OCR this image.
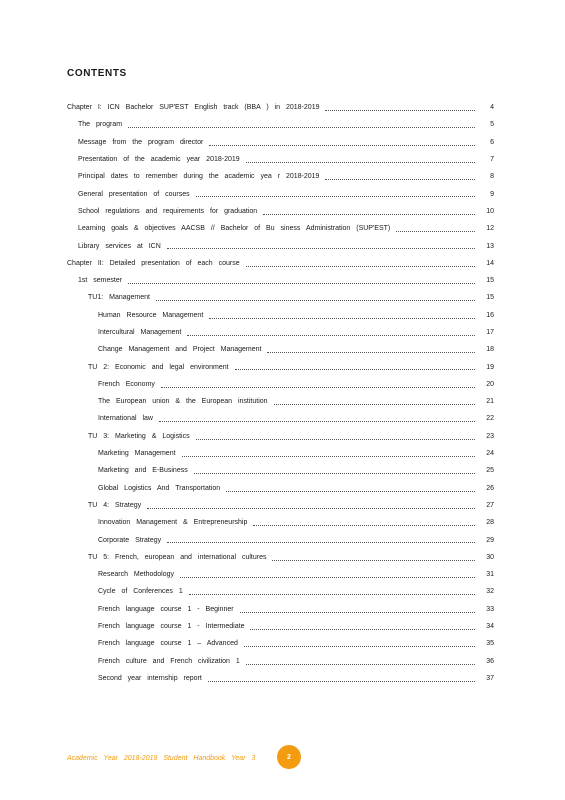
CONTENTS
Chapter I: ICN Bachelor SUP'EST English track (BBA ) in 2018-2019	4
The program	5
Message from the program director	6
Presentation of the academic year 2018-2019	7
Principal dates to remember during the academic yea r 2018-2019	8
General presentation of courses	9
School regulations and requirements for graduation	10
Learning goals & objectives AACSB // Bachelor of Bu siness Administration (SUP'EST)	12
Library services at ICN	13
Chapter II: Detailed presentation of each course	14
1st semester	15
TU1: Management	15
Human Resource Management	16
Intercultural Management	17
Change Management and Project Management	18
TU 2: Economic and legal environment	19
French Economy	20
The European union & the European institution	21
International law	22
TU 3: Marketing & Logistics	23
Marketing Management	24
Marketing and E-Business	25
Global Logistics And Transportation	26
TU 4: Strategy	27
Innovation Management & Entrepreneurship	28
Corporate Strategy	29
TU 5: French, european and international cultures	30
Research Methodology	31
Cycle of Conferences 1	32
French language course 1 - Beginner	33
French language course 1 - Intermediate	34
French language course 1 – Advanced	35
French culture and French civilization 1	36
Second year internship report	37
Academic Year 2018-2019 Student Handbook Year 3	2
